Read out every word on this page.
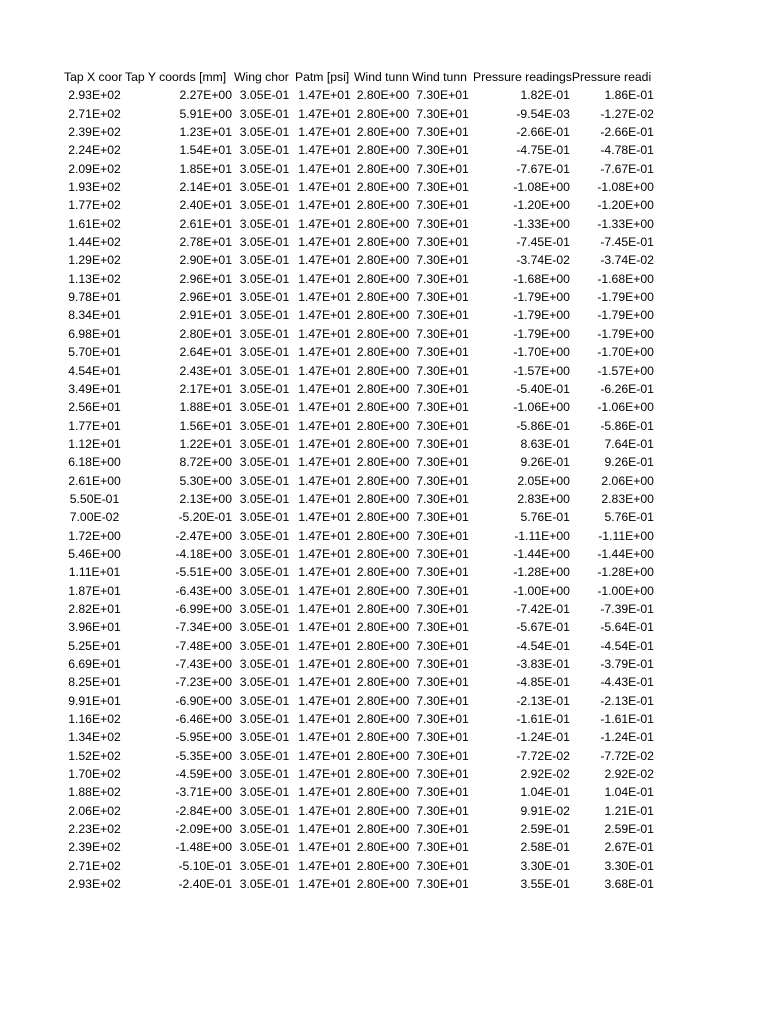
Tap X coor	Tap Y coords [mm]	Wing chor	Patm [psi]	Wind tunn	Wind tunn	Pressure readings	Pressure readi
2.93E+02	2.27E+00	3.05E-01	1.47E+01	2.80E+00	7.30E+01	1.82E-01	1.86E-01
2.71E+02	5.91E+00	3.05E-01	1.47E+01	2.80E+00	7.30E+01	-9.54E-03	-1.27E-02
2.39E+02	1.23E+01	3.05E-01	1.47E+01	2.80E+00	7.30E+01	-2.66E-01	-2.66E-01
2.24E+02	1.54E+01	3.05E-01	1.47E+01	2.80E+00	7.30E+01	-4.75E-01	-4.78E-01
2.09E+02	1.85E+01	3.05E-01	1.47E+01	2.80E+00	7.30E+01	-7.67E-01	-7.67E-01
1.93E+02	2.14E+01	3.05E-01	1.47E+01	2.80E+00	7.30E+01	-1.08E+00	-1.08E+00
1.77E+02	2.40E+01	3.05E-01	1.47E+01	2.80E+00	7.30E+01	-1.20E+00	-1.20E+00
1.61E+02	2.61E+01	3.05E-01	1.47E+01	2.80E+00	7.30E+01	-1.33E+00	-1.33E+00
1.44E+02	2.78E+01	3.05E-01	1.47E+01	2.80E+00	7.30E+01	-7.45E-01	-7.45E-01
1.29E+02	2.90E+01	3.05E-01	1.47E+01	2.80E+00	7.30E+01	-3.74E-02	-3.74E-02
1.13E+02	2.96E+01	3.05E-01	1.47E+01	2.80E+00	7.30E+01	-1.68E+00	-1.68E+00
9.78E+01	2.96E+01	3.05E-01	1.47E+01	2.80E+00	7.30E+01	-1.79E+00	-1.79E+00
8.34E+01	2.91E+01	3.05E-01	1.47E+01	2.80E+00	7.30E+01	-1.79E+00	-1.79E+00
6.98E+01	2.80E+01	3.05E-01	1.47E+01	2.80E+00	7.30E+01	-1.79E+00	-1.79E+00
5.70E+01	2.64E+01	3.05E-01	1.47E+01	2.80E+00	7.30E+01	-1.70E+00	-1.70E+00
4.54E+01	2.43E+01	3.05E-01	1.47E+01	2.80E+00	7.30E+01	-1.57E+00	-1.57E+00
3.49E+01	2.17E+01	3.05E-01	1.47E+01	2.80E+00	7.30E+01	-5.40E-01	-6.26E-01
2.56E+01	1.88E+01	3.05E-01	1.47E+01	2.80E+00	7.30E+01	-1.06E+00	-1.06E+00
1.77E+01	1.56E+01	3.05E-01	1.47E+01	2.80E+00	7.30E+01	-5.86E-01	-5.86E-01
1.12E+01	1.22E+01	3.05E-01	1.47E+01	2.80E+00	7.30E+01	8.63E-01	7.64E-01
6.18E+00	8.72E+00	3.05E-01	1.47E+01	2.80E+00	7.30E+01	9.26E-01	9.26E-01
2.61E+00	5.30E+00	3.05E-01	1.47E+01	2.80E+00	7.30E+01	2.05E+00	2.06E+00
5.50E-01	2.13E+00	3.05E-01	1.47E+01	2.80E+00	7.30E+01	2.83E+00	2.83E+00
7.00E-02	-5.20E-01	3.05E-01	1.47E+01	2.80E+00	7.30E+01	5.76E-01	5.76E-01
1.72E+00	-2.47E+00	3.05E-01	1.47E+01	2.80E+00	7.30E+01	-1.11E+00	-1.11E+00
5.46E+00	-4.18E+00	3.05E-01	1.47E+01	2.80E+00	7.30E+01	-1.44E+00	-1.44E+00
1.11E+01	-5.51E+00	3.05E-01	1.47E+01	2.80E+00	7.30E+01	-1.28E+00	-1.28E+00
1.87E+01	-6.43E+00	3.05E-01	1.47E+01	2.80E+00	7.30E+01	-1.00E+00	-1.00E+00
2.82E+01	-6.99E+00	3.05E-01	1.47E+01	2.80E+00	7.30E+01	-7.42E-01	-7.39E-01
3.96E+01	-7.34E+00	3.05E-01	1.47E+01	2.80E+00	7.30E+01	-5.67E-01	-5.64E-01
5.25E+01	-7.48E+00	3.05E-01	1.47E+01	2.80E+00	7.30E+01	-4.54E-01	-4.54E-01
6.69E+01	-7.43E+00	3.05E-01	1.47E+01	2.80E+00	7.30E+01	-3.83E-01	-3.79E-01
8.25E+01	-7.23E+00	3.05E-01	1.47E+01	2.80E+00	7.30E+01	-4.85E-01	-4.43E-01
9.91E+01	-6.90E+00	3.05E-01	1.47E+01	2.80E+00	7.30E+01	-2.13E-01	-2.13E-01
1.16E+02	-6.46E+00	3.05E-01	1.47E+01	2.80E+00	7.30E+01	-1.61E-01	-1.61E-01
1.34E+02	-5.95E+00	3.05E-01	1.47E+01	2.80E+00	7.30E+01	-1.24E-01	-1.24E-01
1.52E+02	-5.35E+00	3.05E-01	1.47E+01	2.80E+00	7.30E+01	-7.72E-02	-7.72E-02
1.70E+02	-4.59E+00	3.05E-01	1.47E+01	2.80E+00	7.30E+01	2.92E-02	2.92E-02
1.88E+02	-3.71E+00	3.05E-01	1.47E+01	2.80E+00	7.30E+01	1.04E-01	1.04E-01
2.06E+02	-2.84E+00	3.05E-01	1.47E+01	2.80E+00	7.30E+01	9.91E-02	1.21E-01
2.23E+02	-2.09E+00	3.05E-01	1.47E+01	2.80E+00	7.30E+01	2.59E-01	2.59E-01
2.39E+02	-1.48E+00	3.05E-01	1.47E+01	2.80E+00	7.30E+01	2.58E-01	2.67E-01
2.71E+02	-5.10E-01	3.05E-01	1.47E+01	2.80E+00	7.30E+01	3.30E-01	3.30E-01
2.93E+02	-2.40E-01	3.05E-01	1.47E+01	2.80E+00	7.30E+01	3.55E-01	3.68E-01
